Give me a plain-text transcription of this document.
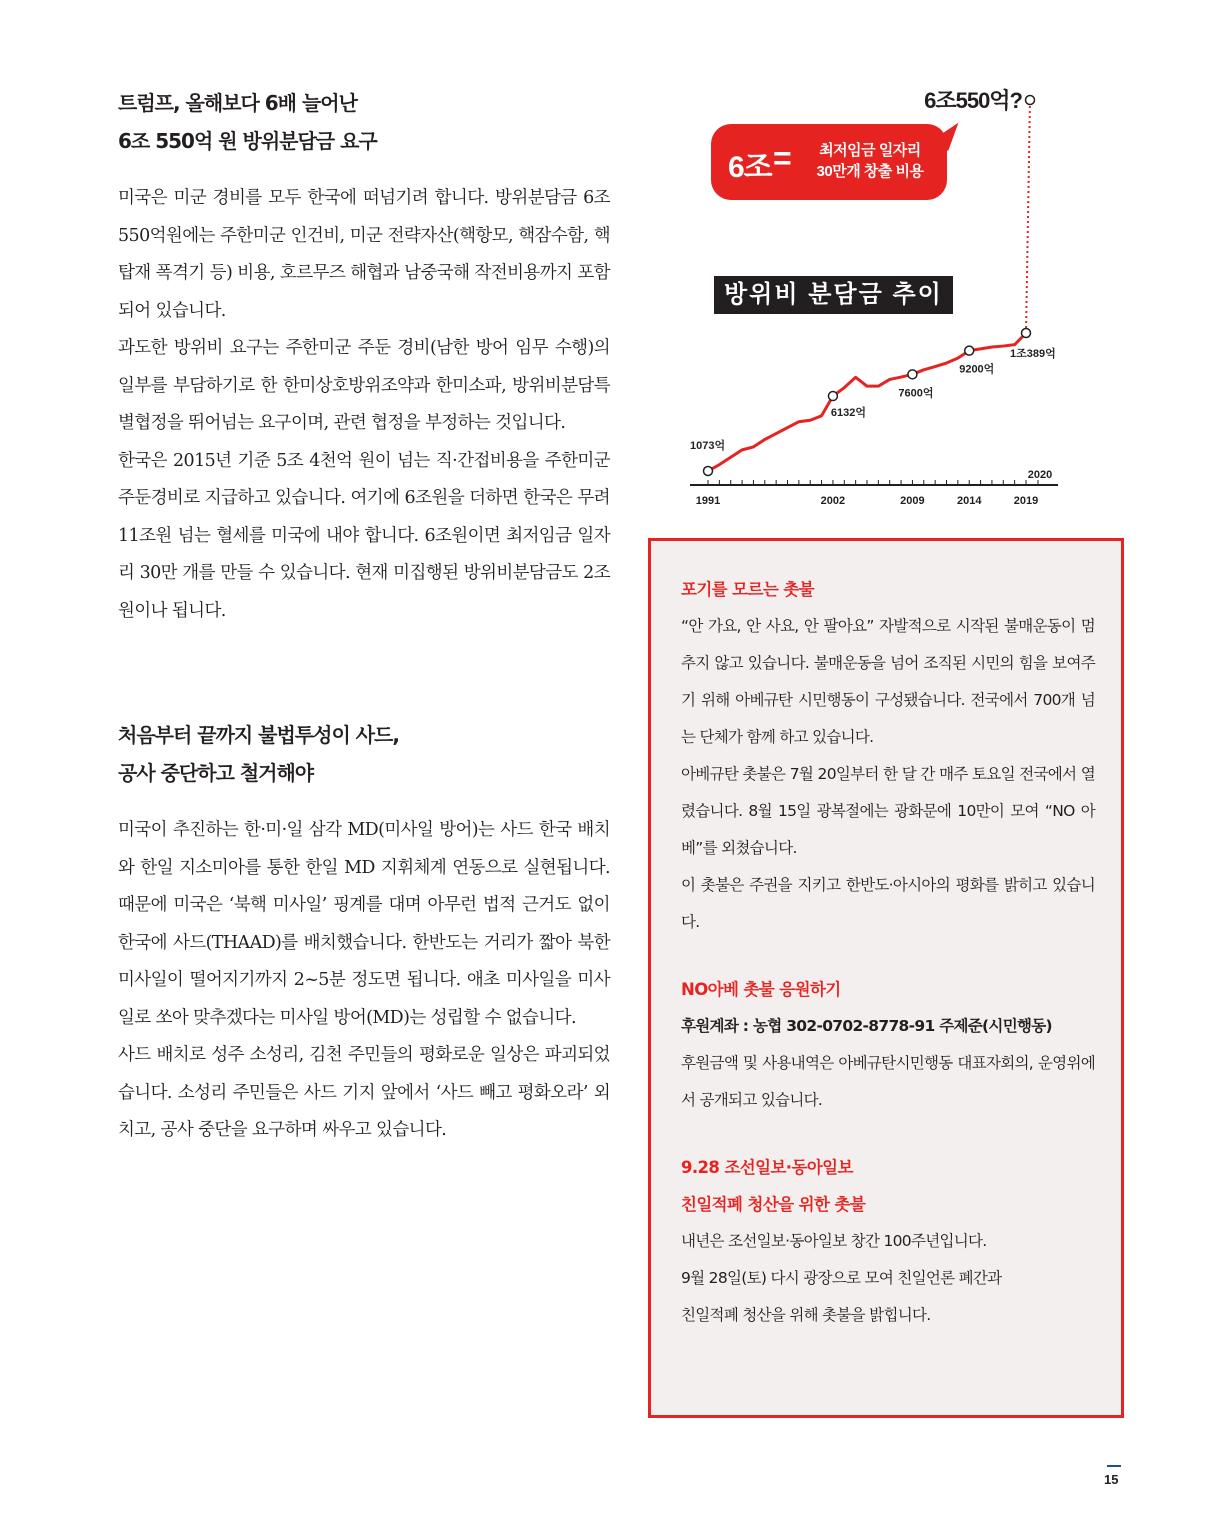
트럼프, 올해보다 6배 늘어난

6조 550억 원 방위분담금 요구

미국은 미군 경비를 모두 한국에 떠넘기려 합니다. 방위분담금 6조 550억원에는 주한미군 인건비, 미군 전략자산(핵항모, 핵잠수함, 핵탑재 폭격기 등) 비용, 호르무즈 해협과 남중국해 작전비용까지 포함되어 있습니다.

과도한 방위비 요구는 주한미군 주둔 경비(남한 방어 임무 수행)의 일부를 부담하기로 한 한미상호방위조약과 한미소파, 방위비분담특별협정을 뛰어넘는 요구이며, 관련 협정을 부정하는 것입니다.

한국은 2015년 기준 5조 4천억 원이 넘는 직·간접비용을 주한미군 주둔경비로 지급하고 있습니다. 여기에 6조원을 더하면 한국은 무려 11조원 넘는 혈세를 미국에 내야 합니다. 6조원이면 최저임금 일자리 30만 개를 만들 수 있습니다. 현재 미집행된 방위비분담금도 2조원이나 됩니다.

처음부터 끝까지 불법투성이 사드,

공사 중단하고 철거해야

미국이 추진하는 한·미·일 삼각 MD(미사일 방어)는 사드 한국 배치와 한일 지소미아를 통한 한일 MD 지휘체계 연동으로 실현됩니다. 때문에 미국은 ‘북핵 미사일’ 핑계를 대며 아무런 법적 근거도 없이 한국에 사드(THAAD)를 배치했습니다. 한반도는 거리가 짧아 북한 미사일이 떨어지기까지 2~5분 정도면 됩니다. 애초 미사일을 미사일로 쏘아 맞추겠다는 미사일 방어(MD)는 성립할 수 없습니다.

사드 배치로 성주 소성리, 김천 주민들의 평화로운 일상은 파괴되었습니다. 소성리 주민들은 사드 기지 앞에서 ‘사드 빼고 평화오라’ 외치고, 공사 중단을 요구하며 싸우고 있습니다.

1991	2002	2009	2014	2019
2020
1073억
6132억
7600억
9200억
1조389억
6조550억?
6조 =	최저임금 일자리
30만개 창출 비용
방위비 분담금 추이

포기를 모르는 촛불

“안 가요, 안 사요, 안 팔아요” 자발적으로 시작된 불매운동이 멈추지 않고 있습니다. 불매운동을 넘어 조직된 시민의 힘을 보여주기 위해 아베규탄 시민행동이 구성됐습니다. 전국에서 700개 넘는 단체가 함께 하고 있습니다.

아베규탄 촛불은 7월 20일부터 한 달 간 매주 토요일 전국에서 열렸습니다. 8월 15일 광복절에는 광화문에 10만이 모여 “NO 아베”를 외쳤습니다.

이 촛불은 주권을 지키고 한반도·아시아의 평화를 밝히고 있습니다.

NO아베 촛불 응원하기

후원계좌 : 농협 302-0702-8778-91 주제준(시민행동)

후원금액 및 사용내역은 아베규탄시민행동 대표자회의, 운영위에서 공개되고 있습니다.

9.28 조선일보·동아일보

친일적폐 청산을 위한 촛불

내년은 조선일보·동아일보 창간 100주년입니다.

9월 28일(토) 다시 광장으로 모여 친일언론 폐간과

친일적폐 청산을 위해 촛불을 밝힙니다.

15
